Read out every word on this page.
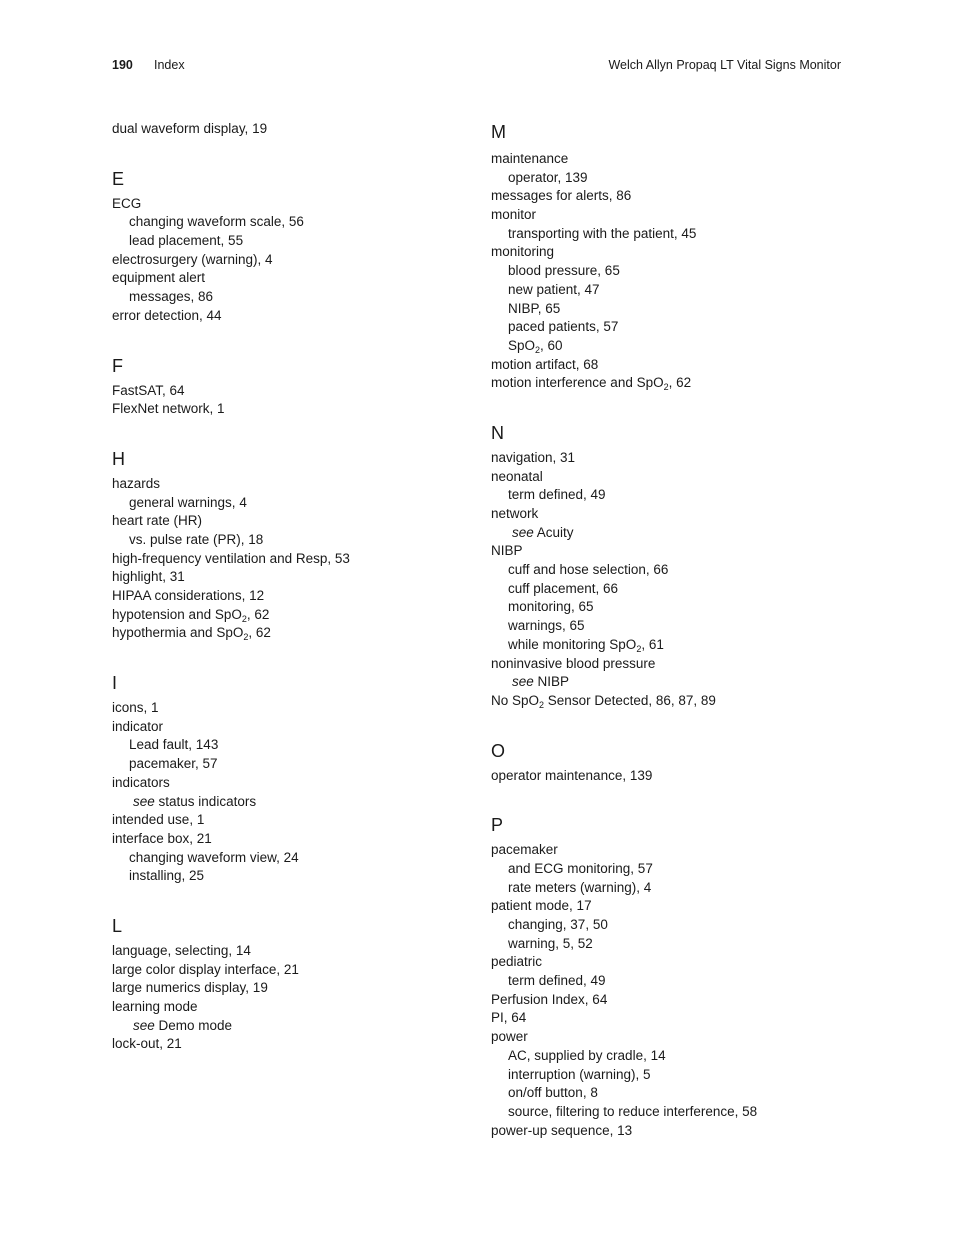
190 Index	Welch Allyn Propaq LT Vital Signs Monitor
dual waveform display, 19
E
ECG
changing waveform scale, 56
lead placement, 55
electrosurgery (warning), 4
equipment alert
messages, 86
error detection, 44
F
FastSAT, 64
FlexNet network, 1
H
hazards
general warnings, 4
heart rate (HR)
vs. pulse rate (PR), 18
high-frequency ventilation and Resp, 53
highlight, 31
HIPAA considerations, 12
hypotension and SpO$_2$, 62
hypothermia and SpO$_2$, 62
I
icons, 1
indicator
Lead fault, 143
pacemaker, 57
indicators
see status indicators
intended use, 1
interface box, 21
changing waveform view, 24
installing, 25
L
language, selecting, 14
large color display interface, 21
large numerics display, 19
learning mode
see Demo mode
lock-out, 21
M
maintenance
operator, 139
messages for alerts, 86
monitor
transporting with the patient, 45
monitoring
blood pressure, 65
new patient, 47
NIBP, 65
paced patients, 57
SpO$_2$, 60
motion artifact, 68
motion interference and SpO$_2$, 62
N
navigation, 31
neonatal
term defined, 49
network
see Acuity
NIBP
cuff and hose selection, 66
cuff placement, 66
monitoring, 65
warnings, 65
while monitoring SpO$_2$, 61
noninvasive blood pressure
see NIBP
No SpO$_2$ Sensor Detected, 86, 87, 89
O
operator maintenance, 139
P
pacemaker
and ECG monitoring, 57
rate meters (warning), 4
patient mode, 17
changing, 37, 50
warning, 5, 52
pediatric
term defined, 49
Perfusion Index, 64
PI, 64
power
AC, supplied by cradle, 14
interruption (warning), 5
on/off button, 8
source, filtering to reduce interference, 58
power-up sequence, 13
